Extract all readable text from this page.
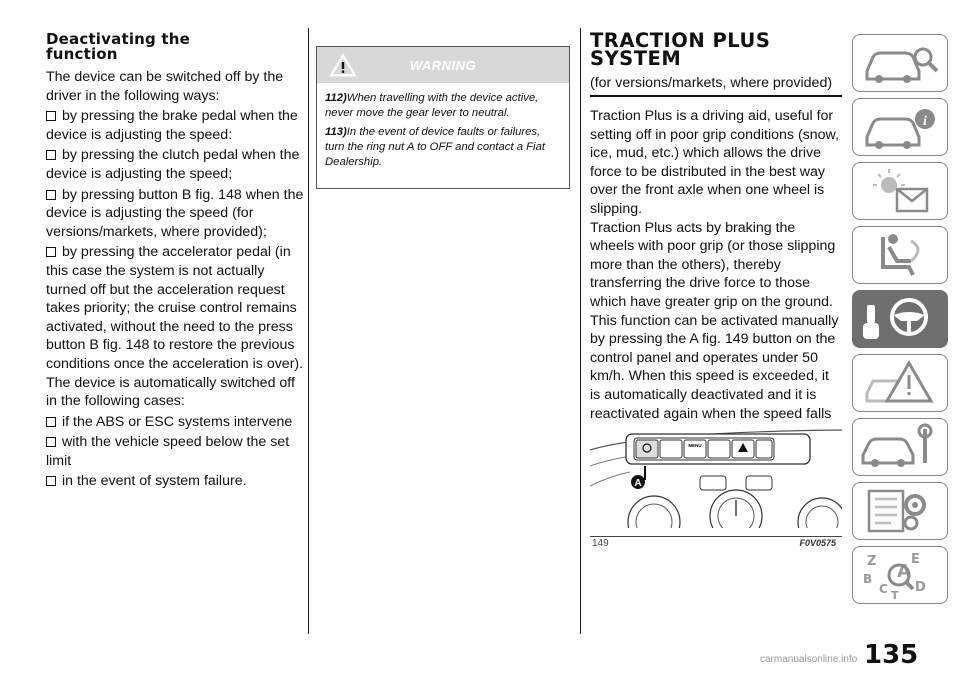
Deactivating the
function

The device can be switched off by the driver in the following ways:

by pressing the brake pedal when the device is adjusting the speed:
by pressing the clutch pedal when the device is adjusting the speed;
by pressing button B fig. 148 when the device is adjusting the speed (for versions/markets, where provided);
by pressing the accelerator pedal (in this case the system is not actually turned off but the acceleration request takes priority; the cruise control remains activated, without the need to the press button B fig. 148 to restore the previous conditions once the acceleration is over).

The device is automatically switched off in the following cases:

if the ABS or ESC systems intervene
with the vehicle speed below the set limit
in the event of system failure.
WARNING

112)When travelling with the device active, never move the gear lever to neutral.

113)In the event of device faults or failures, turn the ring nut A to OFF and contact a Fiat Dealership.

TRACTION PLUS
SYSTEM
(for versions/markets, where provided)

Traction Plus is a driving aid, useful for setting off in poor grip conditions (snow, ice, mud, etc.) which allows the drive force to be distributed in the best way over the front axle when one wheel is slipping.

Traction Plus acts by braking the wheels with poor grip (or those slipping more than the others), thereby transferring the drive force to those which have greater grip on the ground. This function can be activated manually by pressing the A fig. 149 button on the control panel and operates under 50 km/h. When this speed is exceeded, it is automatically deactivated and it is reactivated again when the speed falls

MENU
A
149	F0V0575
i
Z	E
A
B
C D
T
135
carmanualsonline.info
